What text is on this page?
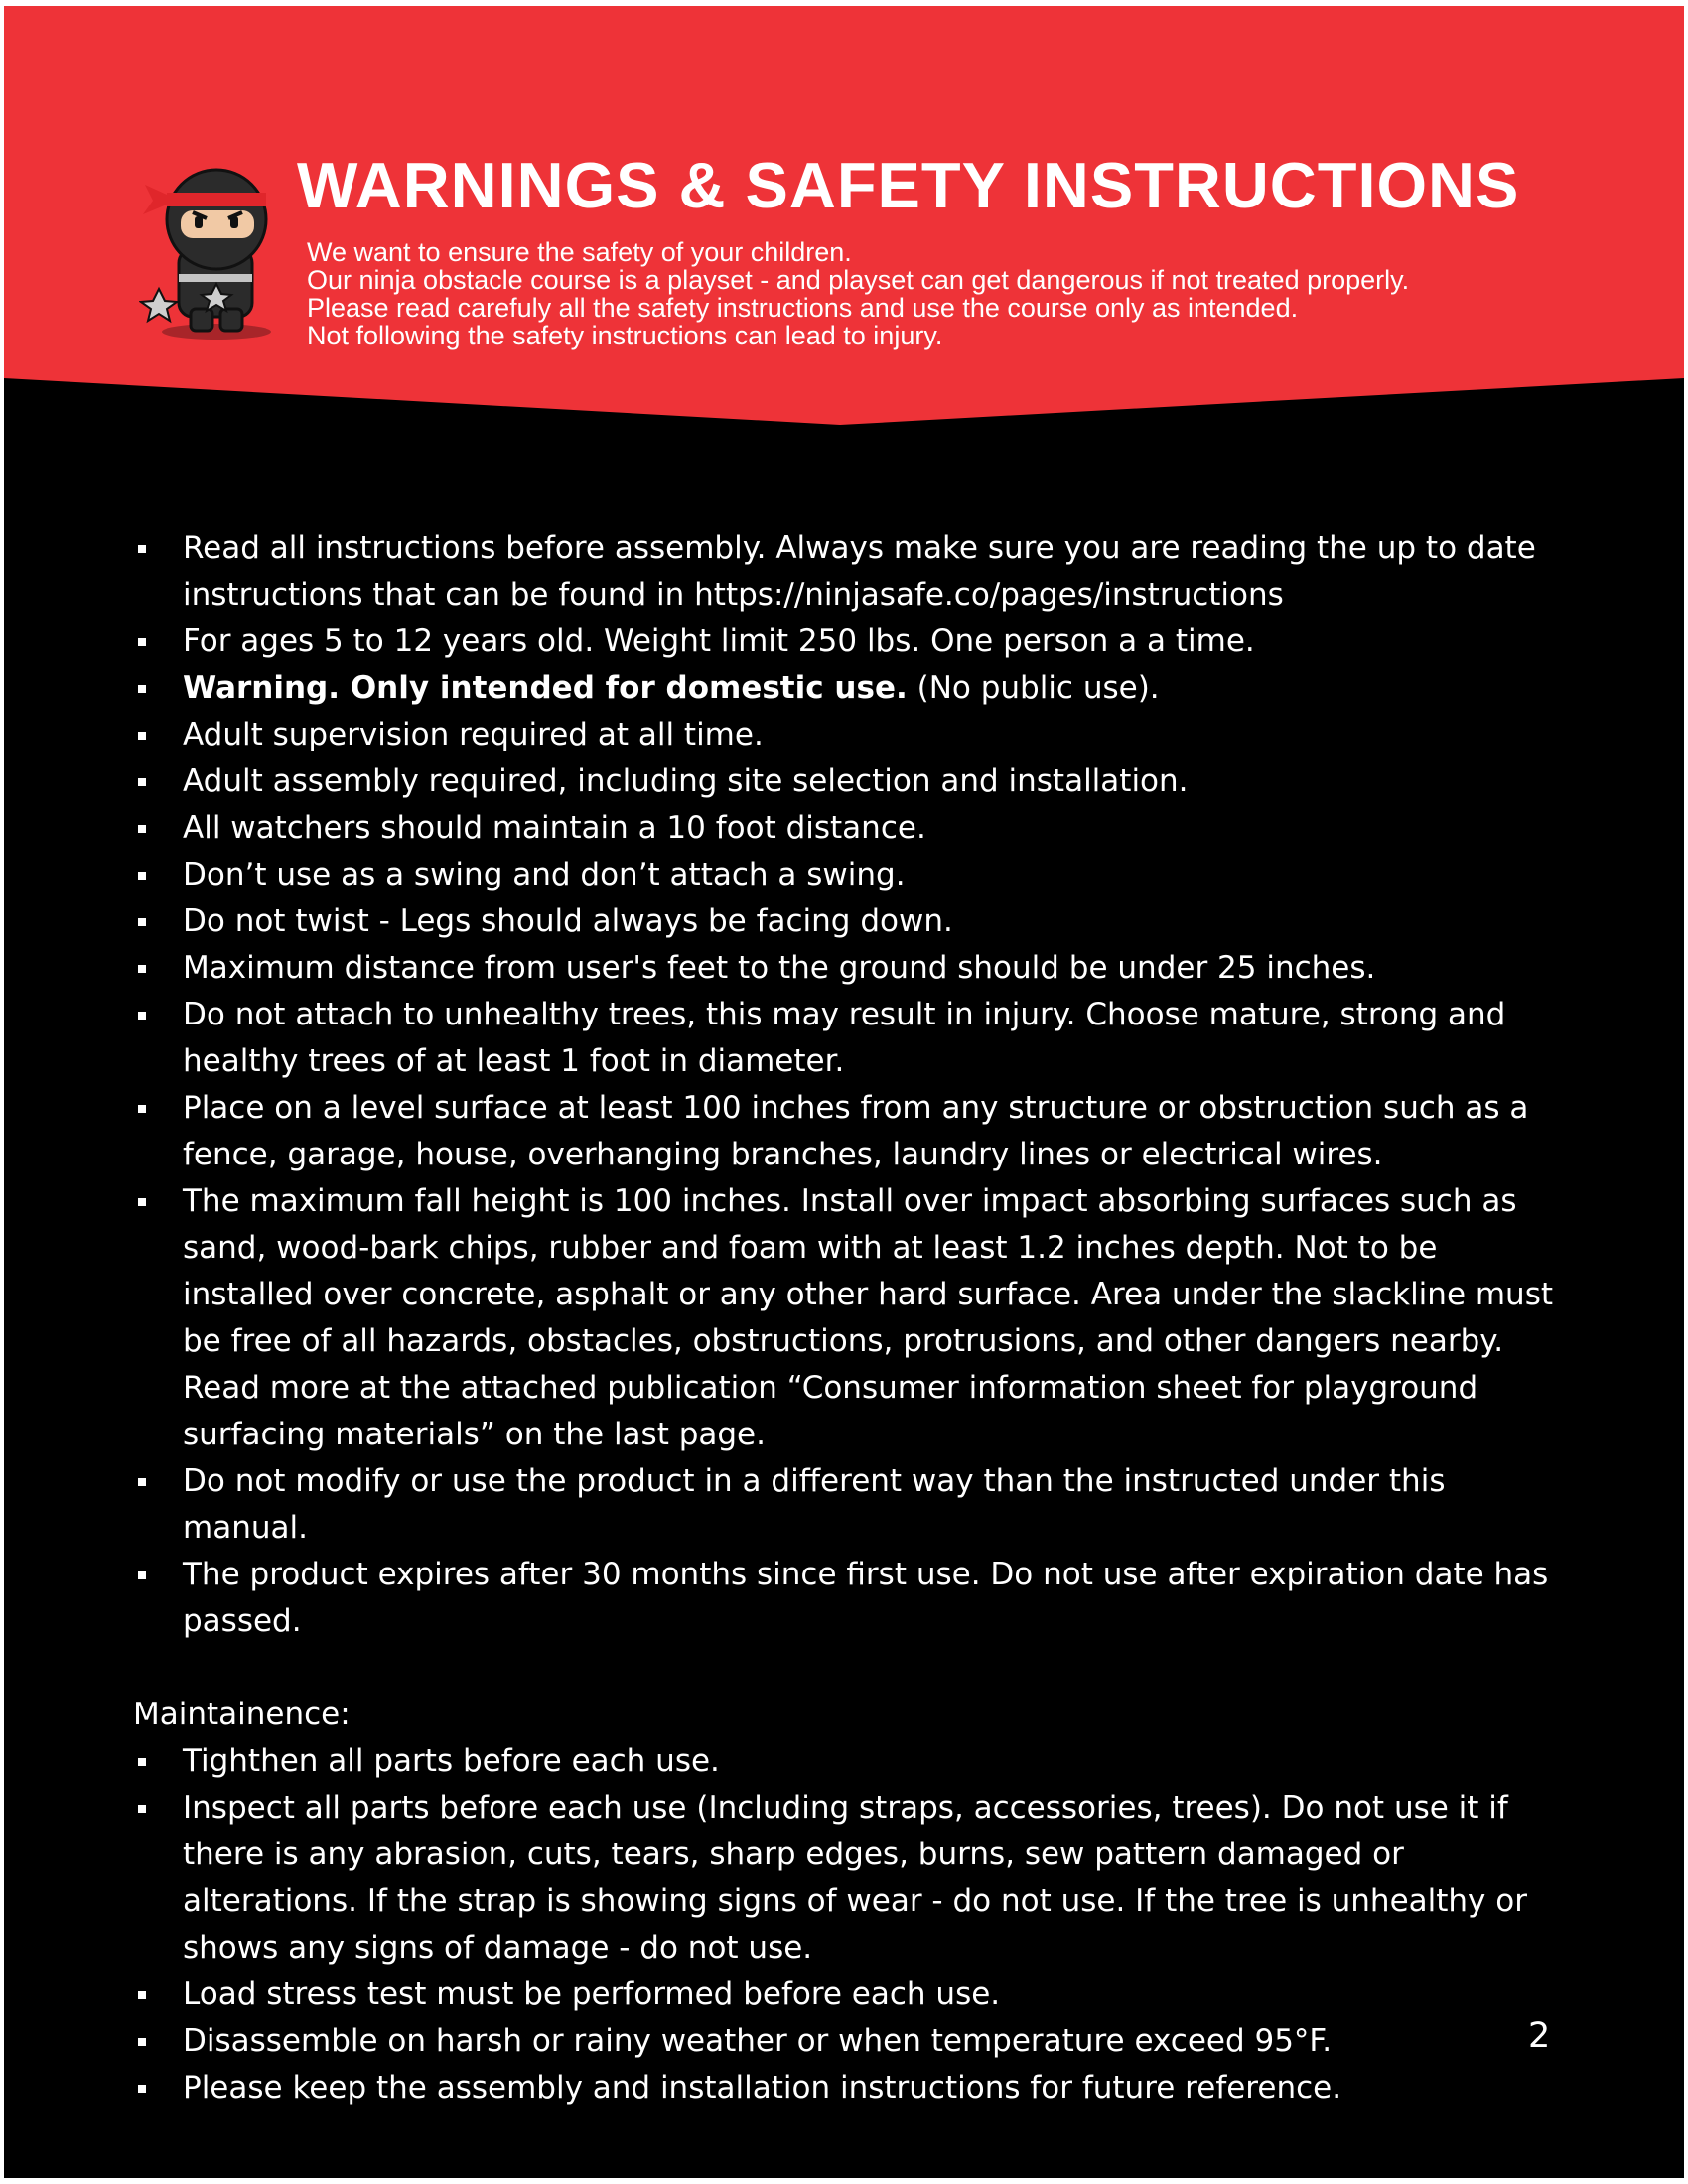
WARNINGS & SAFETY INSTRUCTIONS
We want to ensure the safety of your children.
Our ninja obstacle course is a playset - and playset can get dangerous if not treated properly.
Please read carefuly all the safety instructions and use the course only as intended.
Not following the safety instructions can lead to injury.
Read all instructions before assembly. Always make sure you are reading the up to date instructions that can be found in https://ninjasafe.co/pages/instructions
For ages 5 to 12 years old. Weight limit 250 lbs. One person a a time.
Warning. Only intended for domestic use. (No public use).
Adult supervision required at all time.
Adult assembly required, including site selection and installation.
All watchers should maintain a 10 foot distance.
Don’t use as a swing and don’t attach a swing.
Do not twist - Legs should always be facing down.
Maximum distance from user's feet to the ground should be under 25 inches.
Do not attach to unhealthy trees, this may result in injury. Choose mature, strong and healthy trees of at least 1 foot in diameter.
Place on a level surface at least 100 inches from any structure or obstruction such as a fence, garage, house, overhanging branches, laundry lines or electrical wires.
The maximum fall height is 100 inches. Install over impact absorbing surfaces such as sand, wood-bark chips, rubber and foam with at least 1.2 inches depth. Not to be installed over concrete, asphalt or any other hard surface. Area under the slackline must be free of all hazards, obstacles, obstructions, protrusions, and other dangers nearby. Read more at the attached publication “Consumer information sheet for playground surfacing materials” on the last page.
Do not modify or use the product in a different way than the instructed under this manual.
The product expires after 30 months since first use. Do not use after expiration date has passed.
Maintainence:
Tighthen all parts before each use.
Inspect all parts before each use (Including straps, accessories, trees). Do not use it if there is any abrasion, cuts, tears, sharp edges, burns, sew pattern damaged or alterations. If the strap is showing signs of wear - do not use. If the tree is unhealthy or shows any signs of damage - do not use.
Load stress test must be performed before each use.
Disassemble on harsh or rainy weather or when temperature exceed 95°F.
Please keep the assembly and installation instructions for future reference.
2
